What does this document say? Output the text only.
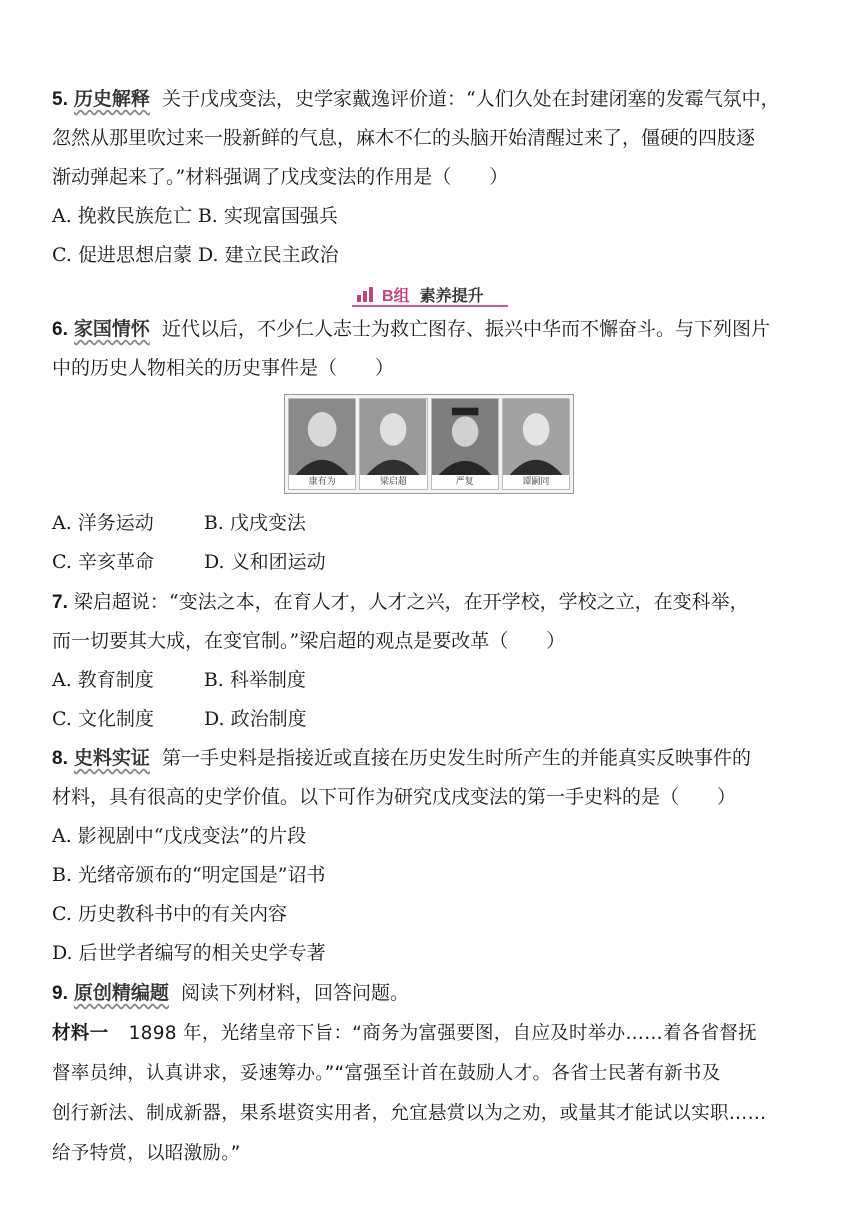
5. 历史解释 关于戊戌变法，史学家戴逸评价道：“人们久处在封建闭塞的发霉气氛中，
忽然从那里吹过来一股新鲜的气息，麻木不仁的头脑开始清醒过来了，僵硬的四肢逐
渐动弹起来了。”材料强调了戊戌变法的作用是（　　）
A. 挽救民族危亡 B. 实现富国强兵
C. 促进思想启蒙 D. 建立民主政治
B组 素养提升
6. 家国情怀 近代以后，不少仁人志士为救亡图存、振兴中华而不懈奋斗。与下列图片
中的历史人物相关的历史事件是（　　）
康有为	梁启超	严复	谭嗣同
A. 洋务运动	B. 戊戌变法
C. 辛亥革命	D. 义和团运动
7. 梁启超说：“变法之本，在育人才，人才之兴，在开学校，学校之立，在变科举，
而一切要其大成，在变官制。”梁启超的观点是要改革（　　）
A. 教育制度	B. 科举制度
C. 文化制度	D. 政治制度
8. 史料实证 第一手史料是指接近或直接在历史发生时所产生的并能真实反映事件的
材料，具有很高的史学价值。以下可作为研究戊戌变法的第一手史料的是（　　）
A. 影视剧中“戊戌变法”的片段
B. 光绪帝颁布的“明定国是”诏书
C. 历史教科书中的有关内容
D. 后世学者编写的相关史学专著
9. 原创精编题 阅读下列材料，回答问题。
材料一 1898 年，光绪皇帝下旨：“商务为富强要图，自应及时举办……着各省督抚
督率员绅，认真讲求，妥速筹办。”“富强至计首在鼓励人才。各省士民著有新书及
创行新法、制成新器，果系堪资实用者，允宜悬赏以为之劝，或量其才能试以实职……
给予特赏，以昭激励。”
